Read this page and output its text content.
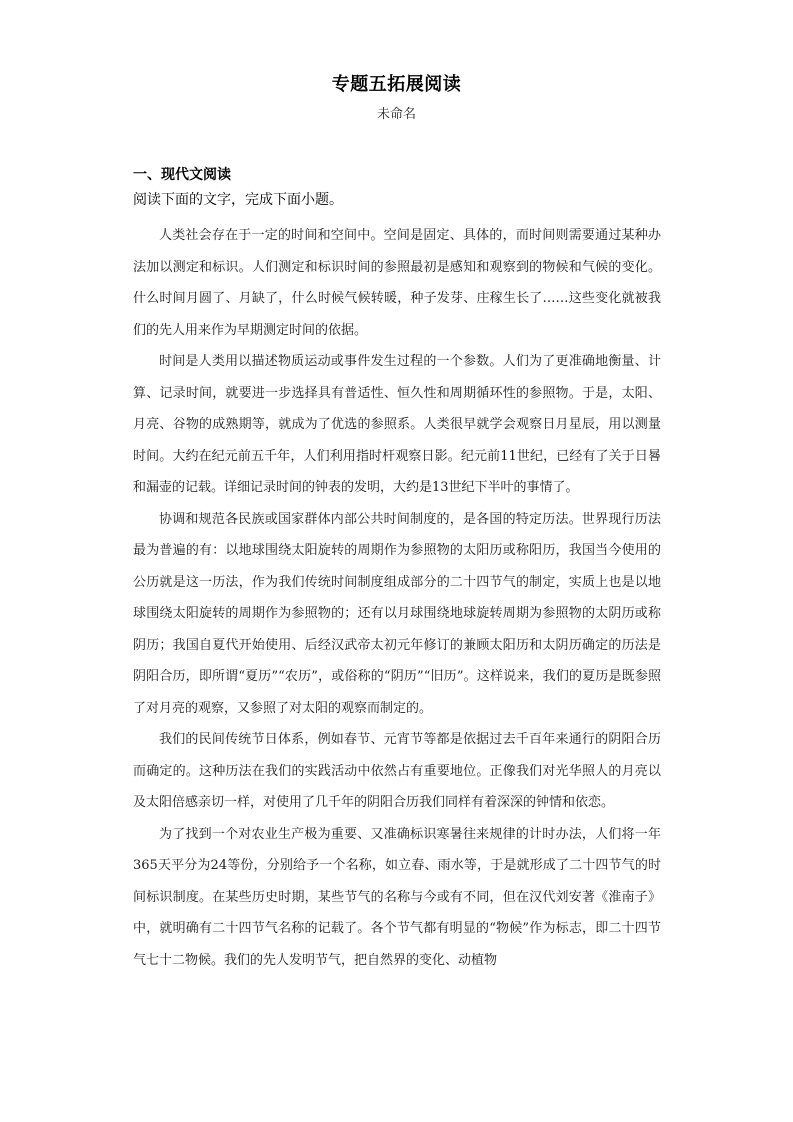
专题五拓展阅读
未命名
一、现代文阅读
阅读下面的文字，完成下面小题。

人类社会存在于一定的时间和空间中。空间是固定、具体的，而时间则需要通过某种办法加以测定和标识。人们测定和标识时间的参照最初是感知和观察到的物候和气候的变化。什么时间月圆了、月缺了，什么时候气候转暖，种子发芽、庄稼生长了……这些变化就被我们的先人用来作为早期测定时间的依据。

时间是人类用以描述物质运动或事件发生过程的一个参数。人们为了更准确地衡量、计算、记录时间，就要进一步选择具有普适性、恒久性和周期循环性的参照物。于是，太阳、月亮、谷物的成熟期等，就成为了优选的参照系。人类很早就学会观察日月星辰，用以测量时间。大约在纪元前五千年，人们利用指时杆观察日影。纪元前11世纪，已经有了关于日晷和漏壶的记载。详细记录时间的钟表的发明，大约是13世纪下半叶的事情了。

协调和规范各民族或国家群体内部公共时间制度的，是各国的特定历法。世界现行历法最为普遍的有：以地球围绕太阳旋转的周期作为参照物的太阳历或称阳历，我国当今使用的公历就是这一历法，作为我们传统时间制度组成部分的二十四节气的制定，实质上也是以地球围绕太阳旋转的周期作为参照物的；还有以月球围绕地球旋转周期为参照物的太阴历或称阴历；我国自夏代开始使用、后经汉武帝太初元年修订的兼顾太阳历和太阴历确定的历法是阴阳合历，即所谓“夏历”“农历”，或俗称的“阴历”“旧历”。这样说来，我们的夏历是既参照了对月亮的观察，又参照了对太阳的观察而制定的。

我们的民间传统节日体系，例如春节、元宵节等都是依据过去千百年来通行的阴阳合历而确定的。这种历法在我们的实践活动中依然占有重要地位。正像我们对光华照人的月亮以及太阳倍感亲切一样，对使用了几千年的阴阳合历我们同样有着深深的钟情和依恋。

为了找到一个对农业生产极为重要、又准确标识寒暑往来规律的计时办法，人们将一年365天平分为24等份，分别给予一个名称，如立春、雨水等，于是就形成了二十四节气的时间标识制度。在某些历史时期，某些节气的名称与今或有不同，但在汉代刘安著《淮南子》中，就明确有二十四节气名称的记载了。各个节气都有明显的“物候”作为标志，即二十四节气七十二物候。我们的先人发明节气，把自然界的变化、动植物
